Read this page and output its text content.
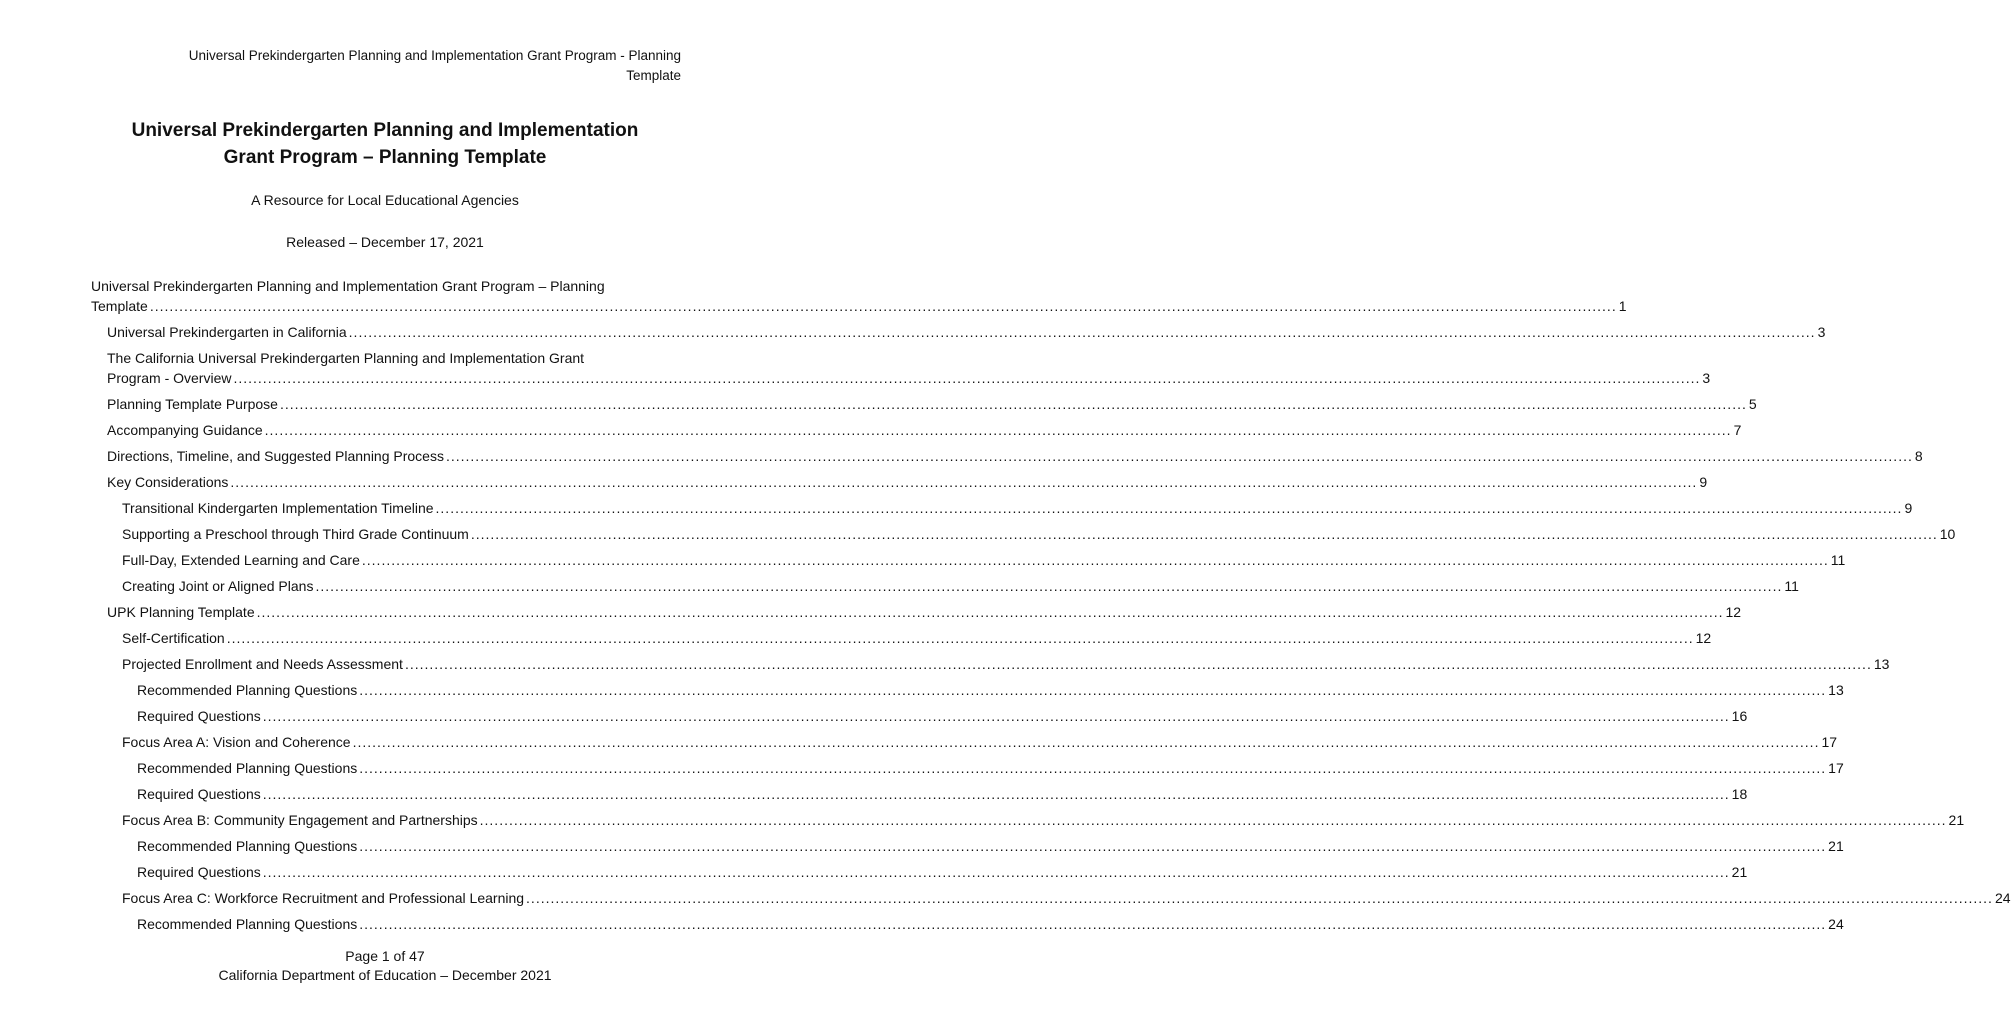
Universal Prekindergarten Planning and Implementation Grant Program - Planning
Template
Universal Prekindergarten Planning and Implementation
Grant Program – Planning Template
A Resource for Local Educational Agencies
Released – December 17, 2021
Universal Prekindergarten Planning and Implementation Grant Program – Planning
Template ............................................................................................................................................................................................................................................................................................................ 1
Universal Prekindergarten in California ............................................................................................................................................................................................................................................................................................................ 3
The California Universal Prekindergarten Planning and Implementation Grant
Program - Overview ............................................................................................................................................................................................................................................................................................................ 3
Planning Template Purpose ............................................................................................................................................................................................................................................................................................................ 5
Accompanying Guidance ............................................................................................................................................................................................................................................................................................................ 7
Directions, Timeline, and Suggested Planning Process ............................................................................................................................................................................................................................................................................................................ 8
Key Considerations ............................................................................................................................................................................................................................................................................................................ 9
Transitional Kindergarten Implementation Timeline ............................................................................................................................................................................................................................................................................................................ 9
Supporting a Preschool through Third Grade Continuum ............................................................................................................................................................................................................................................................................................................ 10
Full-Day, Extended Learning and Care ............................................................................................................................................................................................................................................................................................................ 11
Creating Joint or Aligned Plans ............................................................................................................................................................................................................................................................................................................ 11
UPK Planning Template ............................................................................................................................................................................................................................................................................................................ 12
Self-Certification ............................................................................................................................................................................................................................................................................................................ 12
Projected Enrollment and Needs Assessment ............................................................................................................................................................................................................................................................................................................ 13
Recommended Planning Questions ............................................................................................................................................................................................................................................................................................................ 13
Required Questions ............................................................................................................................................................................................................................................................................................................ 16
Focus Area A: Vision and Coherence ............................................................................................................................................................................................................................................................................................................ 17
Recommended Planning Questions ............................................................................................................................................................................................................................................................................................................ 17
Required Questions ............................................................................................................................................................................................................................................................................................................ 18
Focus Area B: Community Engagement and Partnerships ............................................................................................................................................................................................................................................................................................................ 21
Recommended Planning Questions ............................................................................................................................................................................................................................................................................................................ 21
Required Questions ............................................................................................................................................................................................................................................................................................................ 21
Focus Area C: Workforce Recruitment and Professional Learning ............................................................................................................................................................................................................................................................................................................ 24
Recommended Planning Questions ............................................................................................................................................................................................................................................................................................................ 24
Page 1 of 47
California Department of Education – December 2021
